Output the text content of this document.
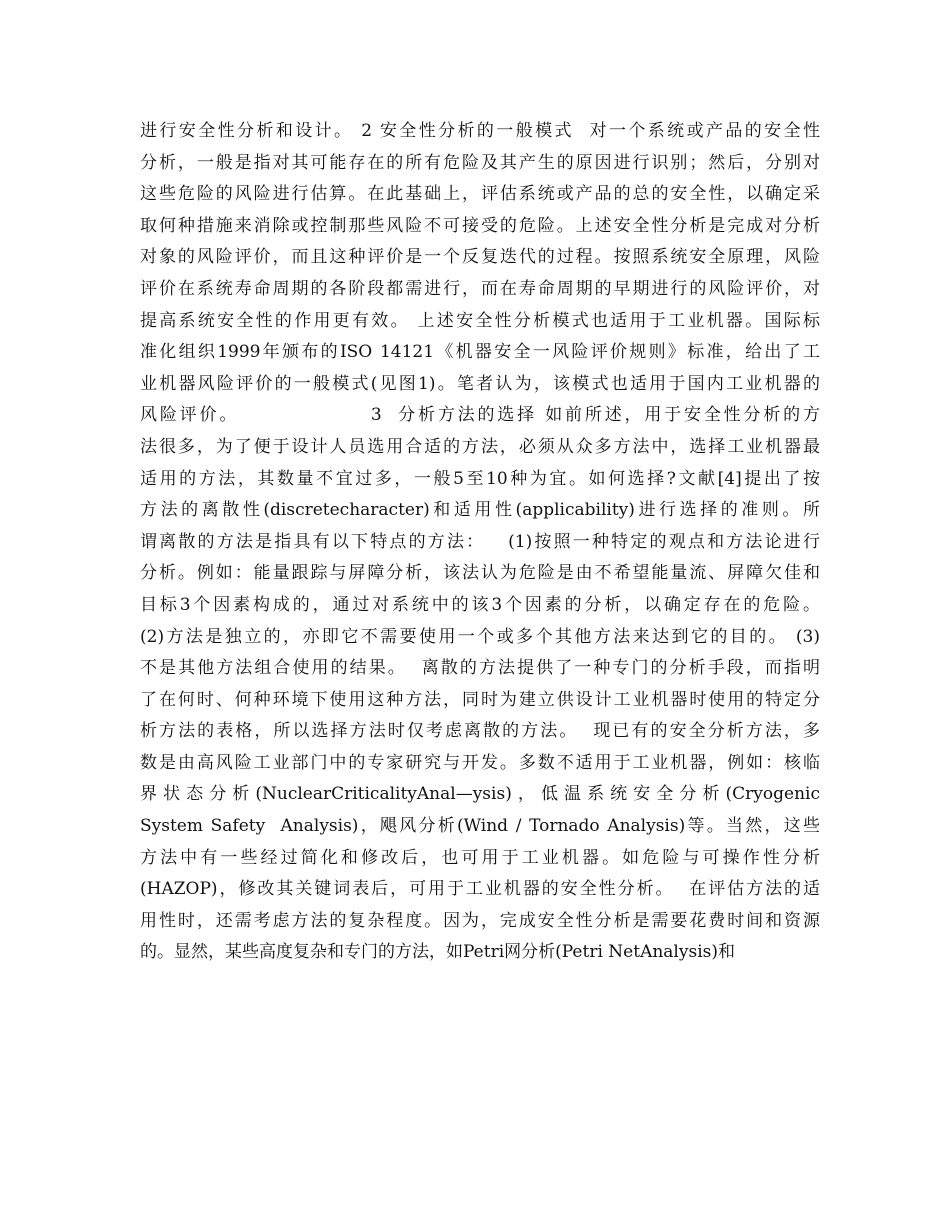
进行安全性分析和设计。 2 安全性分析的一般模式  对一个系统或产品的安全性
分析，一般是指对其可能存在的所有危险及其产生的原因进行识别；然后，分别对
这些危险的风险进行估算。在此基础上，评估系统或产品的总的安全性，以确定采
取何种措施来消除或控制那些风险不可接受的危险。上述安全性分析是完成对分析
对象的风险评价，而且这种评价是一个反复迭代的过程。按照系统安全原理，风险
评价在系统寿命周期的各阶段都需进行，而在寿命周期的早期进行的风险评价，对
提高系统安全性的作用更有效。 上述安全性分析模式也适用于工业机器。国际标
准化组织1999年颁布的ISO 14121《机器安全一风险评价规则》标准，给出了工
业机器风险评价的一般模式(见图1)。笔者认为，该模式也适用于国内工业机器的
风险评价。                3  分析方法的选择 如前所述，用于安全性分析的方
法很多，为了便于设计人员选用合适的方法，必须从众多方法中，选择工业机器最
适用的方法，其数量不宜过多，一般5至10种为宜。如何选择?文献[4]提出了按
方法的离散性(discretecharacter)和适用性(applicability)进行选择的准则。所
谓离散的方法是指具有以下特点的方法：   (1)按照一种特定的观点和方法论进行
分析。例如：能量跟踪与屏障分析，该法认为危险是由不希望能量流、屏障欠佳和
目标3个因素构成的，通过对系统中的该3个因素的分析，以确定存在的危险。
(2)方法是独立的，亦即它不需要使用一个或多个其他方法来达到它的目的。 (3)
不是其他方法组合使用的结果。  离散的方法提供了一种专门的分析手段，而指明
了在何时、何种环境下使用这种方法，同时为建立供设计工业机器时使用的特定分
析方法的表格，所以选择方法时仅考虑离散的方法。  现已有的安全分析方法，多
数是由高风险工业部门中的专家研究与开发。多数不适用于工业机器，例如：核临
界状态分析(NuclearCriticalityAnal—ysis)，低温系统安全分析(Cryogenic
System Safety  Analysis)，飓风分析(Wind / Tornado Analysis)等。当然，这些
方法中有一些经过简化和修改后，也可用于工业机器。如危险与可操作性分析
(HAZOP)，修改其关键词表后，可用于工业机器的安全性分析。  在评估方法的适
用性时，还需考虑方法的复杂程度。因为，完成安全性分析是需要花费时间和资源
的。显然，某些高度复杂和专门的方法，如Petri网分析(Petri NetAnalysis)和
